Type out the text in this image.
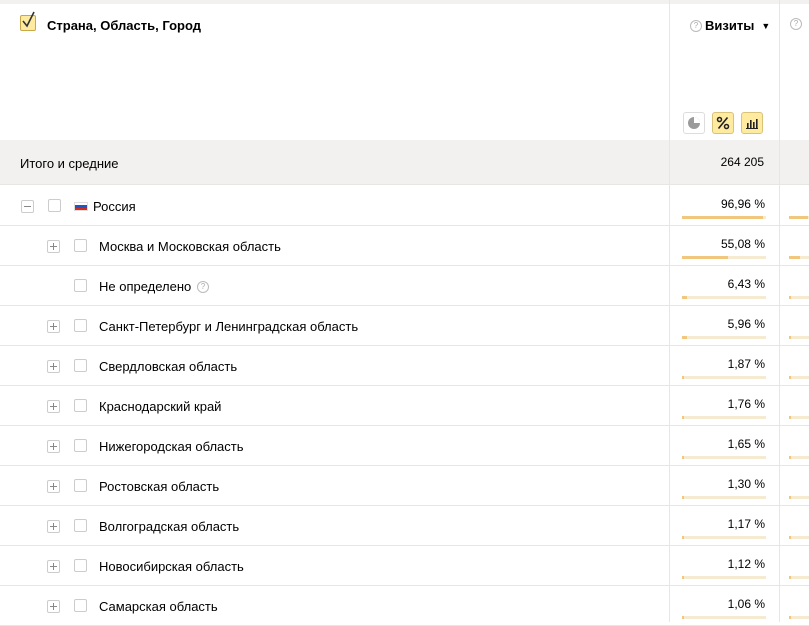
Страна, Область, Город	? Визиты ▼	?
Итого и средние	264 205
Россия	96,96 %
Москва и Московская область	55,08 %
Не определено	?	6,43 %
Санкт-Петербург и Ленинградская область	5,96 %
Свердловская область	1,87 %
Краснодарский край	1,76 %
Нижегородская область	1,65 %
Ростовская область	1,30 %
Волгоградская область	1,17 %
Новосибирская область	1,12 %
Самарская область	1,06 %
